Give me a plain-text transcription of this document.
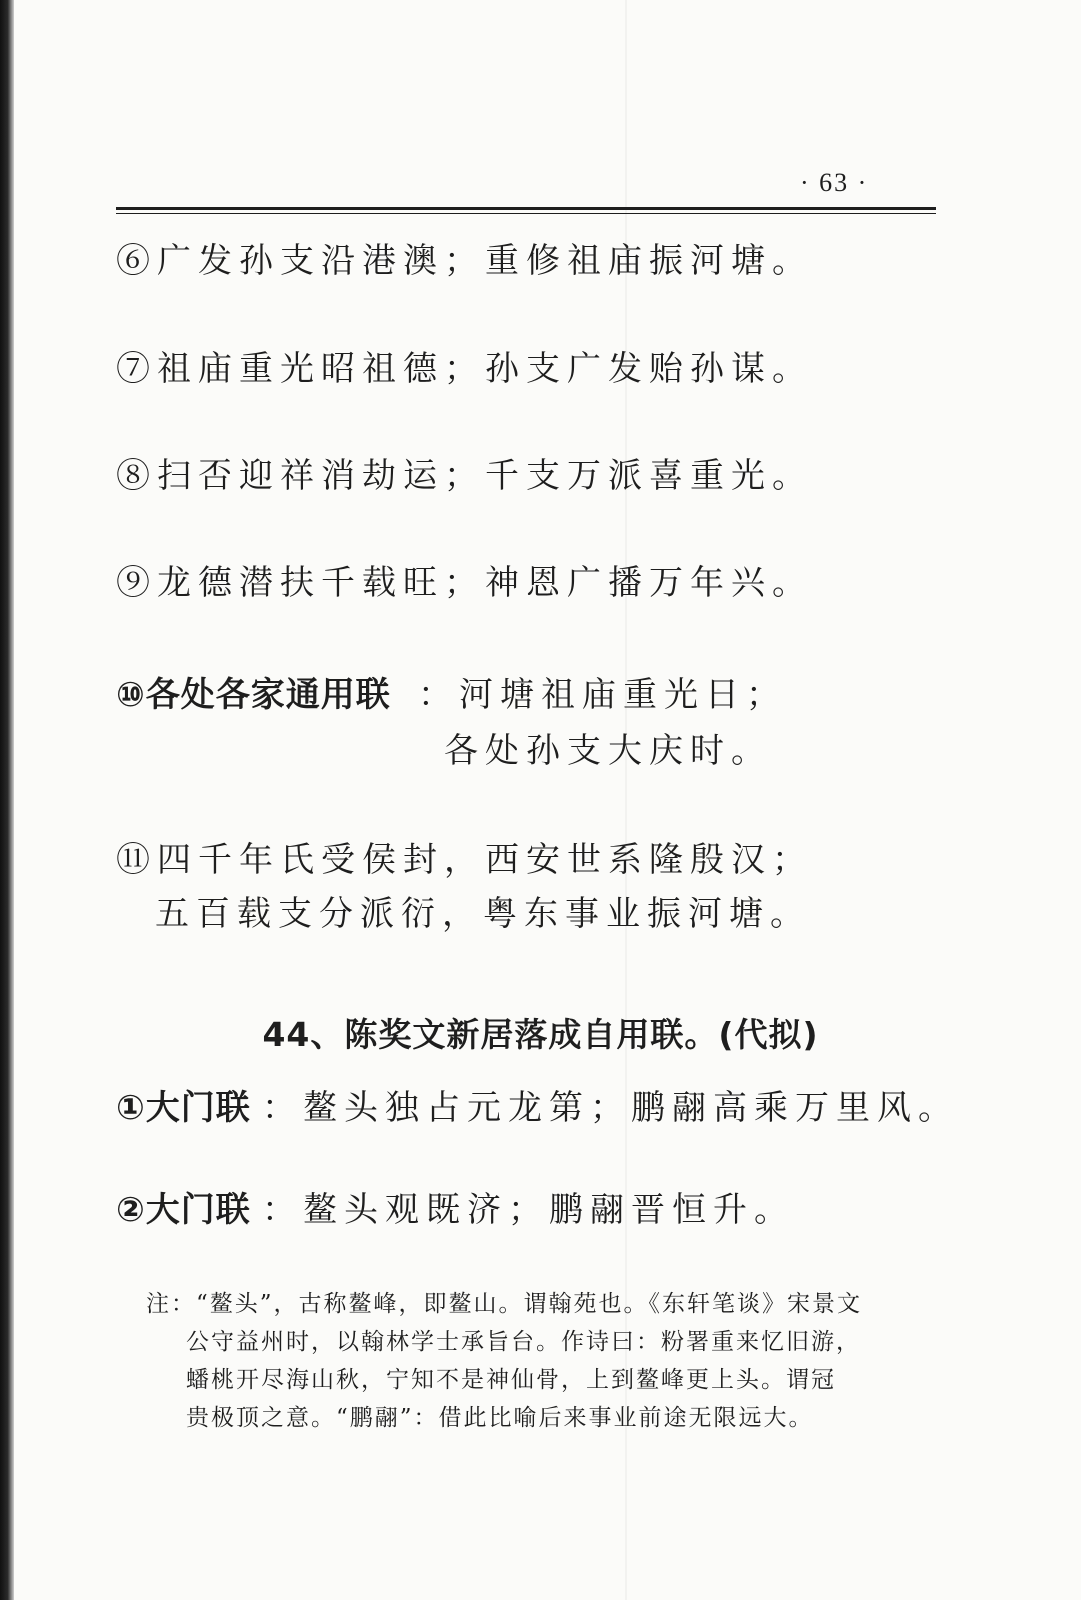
· 63 ·
⑥广发孙支沿港澳；重修祖庙振河塘。
⑦祖庙重光昭祖德；孙支广发贻孙谋。
⑧扫否迎祥消劫运；千支万派喜重光。
⑨龙德潜扶千载旺；神恩广播万年兴。
⑩各处各家通用联 ：河塘祖庙重光日；
各处孙支大庆时。
⑪四千年氏受侯封，西安世系隆殷汉；
五百载支分派衍，粤东事业振河塘。
44、陈奖文新居落成自用联。(代拟)
①大门联 ：鳌头独占元龙第；鹏翮高乘万里风。
②大门联 ：鳌头观既济；鹏翮晋恒升。
注：“鳌头”，古称鳌峰，即鳌山。谓翰苑也。《东轩笔谈》宋景文
公守益州时，以翰林学士承旨台。作诗曰：粉署重来忆旧游，
蟠桃开尽海山秋，宁知不是神仙骨，上到鳌峰更上头。谓冠
贵极顶之意。“鹏翮”：借此比喻后来事业前途无限远大。
